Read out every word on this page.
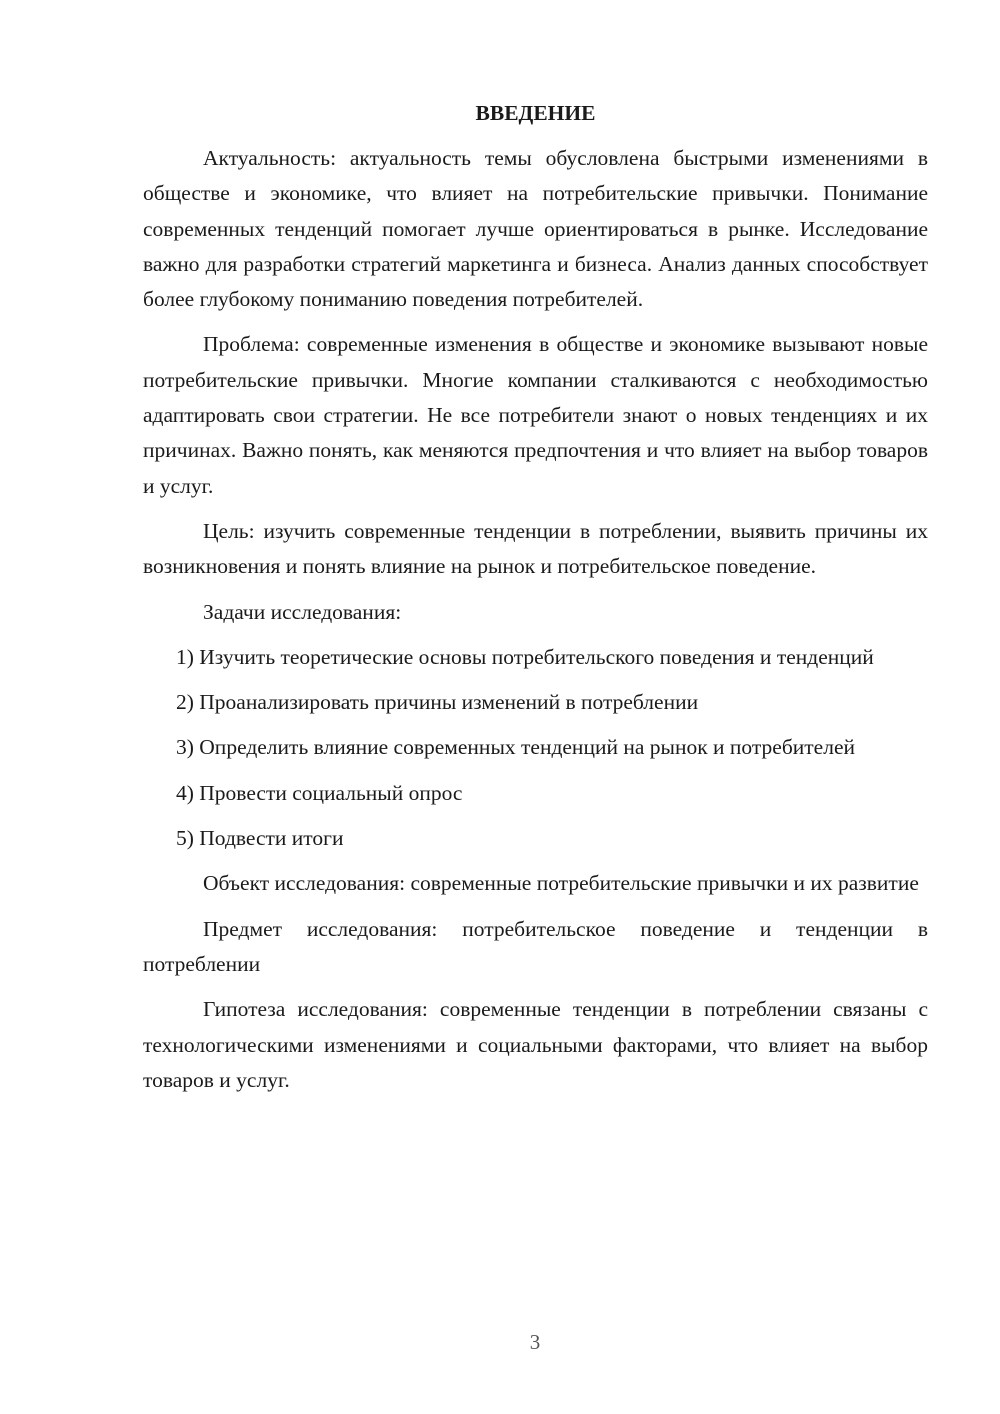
ВВЕДЕНИЕ

Актуальность: актуальность темы обусловлена быстрыми изменениями в обществе и экономике, что влияет на потребительские привычки. Понимание современных тенденций помогает лучше ориентироваться в рынке. Исследование важно для разработки стратегий маркетинга и бизнеса. Анализ данных способствует более глубокому пониманию поведения потребителей.

Проблема: современные изменения в обществе и экономике вызывают новые потребительские привычки. Многие компании сталкиваются с необходимостью адаптировать свои стратегии. Не все потребители знают о новых тенденциях и их причинах. Важно понять, как меняются предпочтения и что влияет на выбор товаров и услуг.

Цель: изучить современные тенденции в потреблении, выявить причины их возникновения и понять влияние на рынок и потребительское поведение.

Задачи исследования:

1) Изучить теоретические основы потребительского поведения и тенденций

2) Проанализировать причины изменений в потреблении

3) Определить влияние современных тенденций на рынок и потребителей

4) Провести социальный опрос

5) Подвести итоги

Объект исследования: современные потребительские привычки и их развитие

Предмет исследования: потребительское поведение и тенденции в потреблении

Гипотеза исследования: современные тенденции в потреблении связаны с технологическими изменениями и социальными факторами, что влияет на выбор товаров и услуг.

3
